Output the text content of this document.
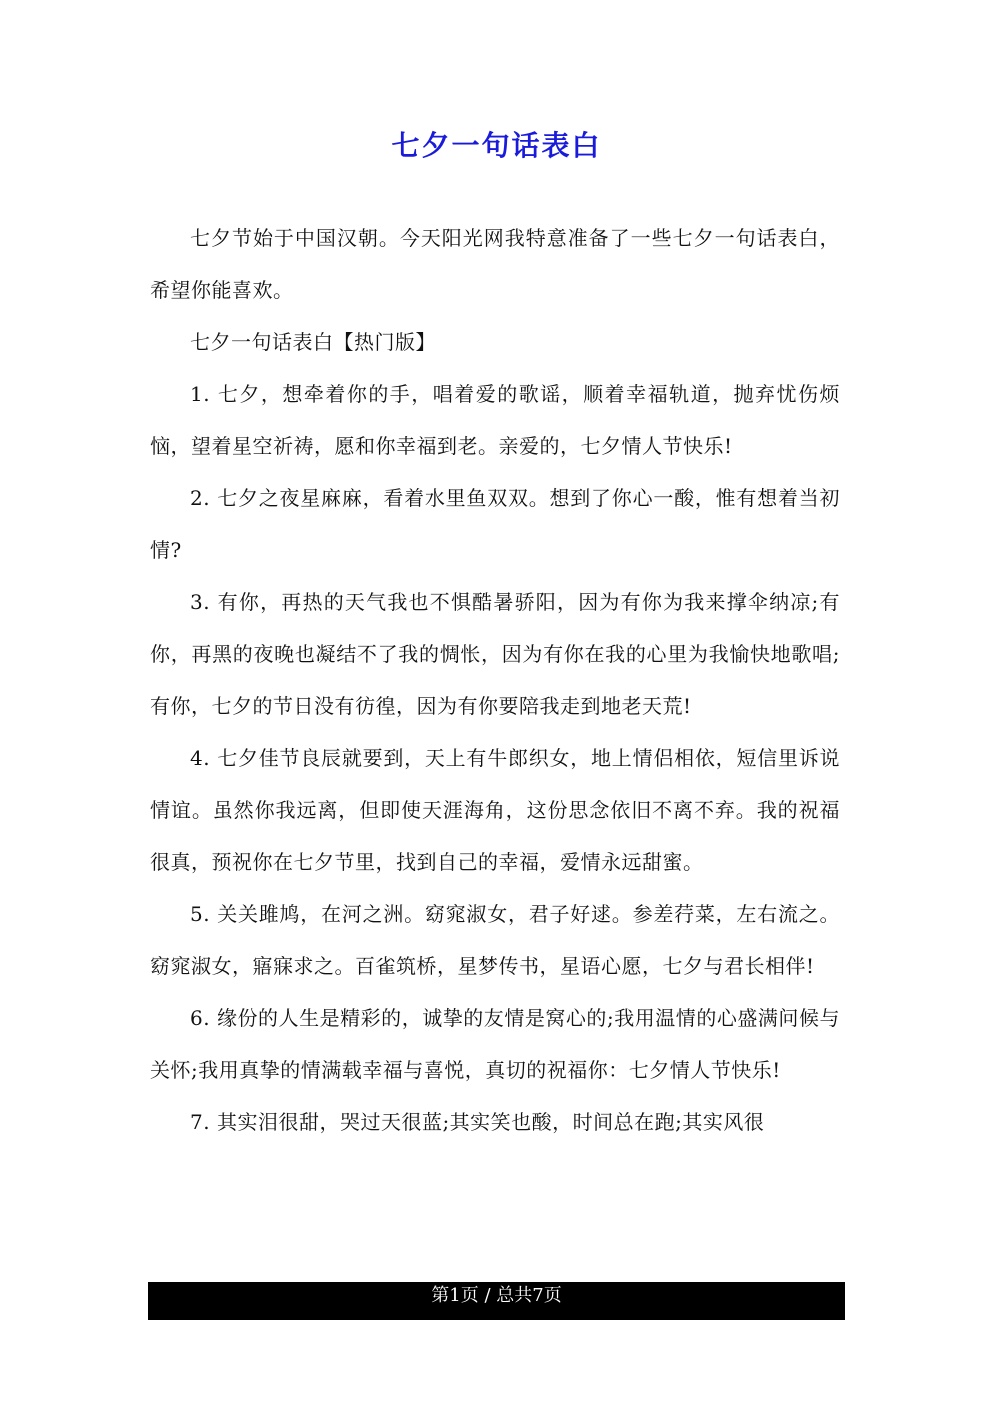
七夕一句话表白

七夕节始于中国汉朝。今天阳光网我特意准备了一些七夕一句话表白，希望你能喜欢。

七夕一句话表白【热门版】

1. 七夕，想牵着你的手，唱着爱的歌谣，顺着幸福轨道，抛弃忧伤烦恼，望着星空祈祷，愿和你幸福到老。亲爱的，七夕情人节快乐!

2. 七夕之夜星麻麻，看着水里鱼双双。想到了你心一酸，惟有想着当初情?

3. 有你，再热的天气我也不惧酷暑骄阳，因为有你为我来撑伞纳凉;有你，再黑的夜晚也凝结不了我的惆怅，因为有你在我的心里为我愉快地歌唱;有你，七夕的节日没有彷徨，因为有你要陪我走到地老天荒!

4. 七夕佳节良辰就要到，天上有牛郎织女，地上情侣相依，短信里诉说情谊。虽然你我远离，但即使天涯海角，这份思念依旧不离不弃。我的祝福很真，预祝你在七夕节里，找到自己的幸福，爱情永远甜蜜。

5. 关关雎鸠，在河之洲。窈窕淑女，君子好逑。参差荇菜，左右流之。窈窕淑女，寤寐求之。百雀筑桥，星梦传书，星语心愿，七夕与君长相伴!

6. 缘份的人生是精彩的，诚挚的友情是窝心的;我用温情的心盛满问候与关怀;我用真挚的情满载幸福与喜悦，真切的祝福你：七夕情人节快乐!

7. 其实泪很甜，哭过天很蓝;其实笑也酸，时间总在跑;其实风很

第1页 / 总共7页
